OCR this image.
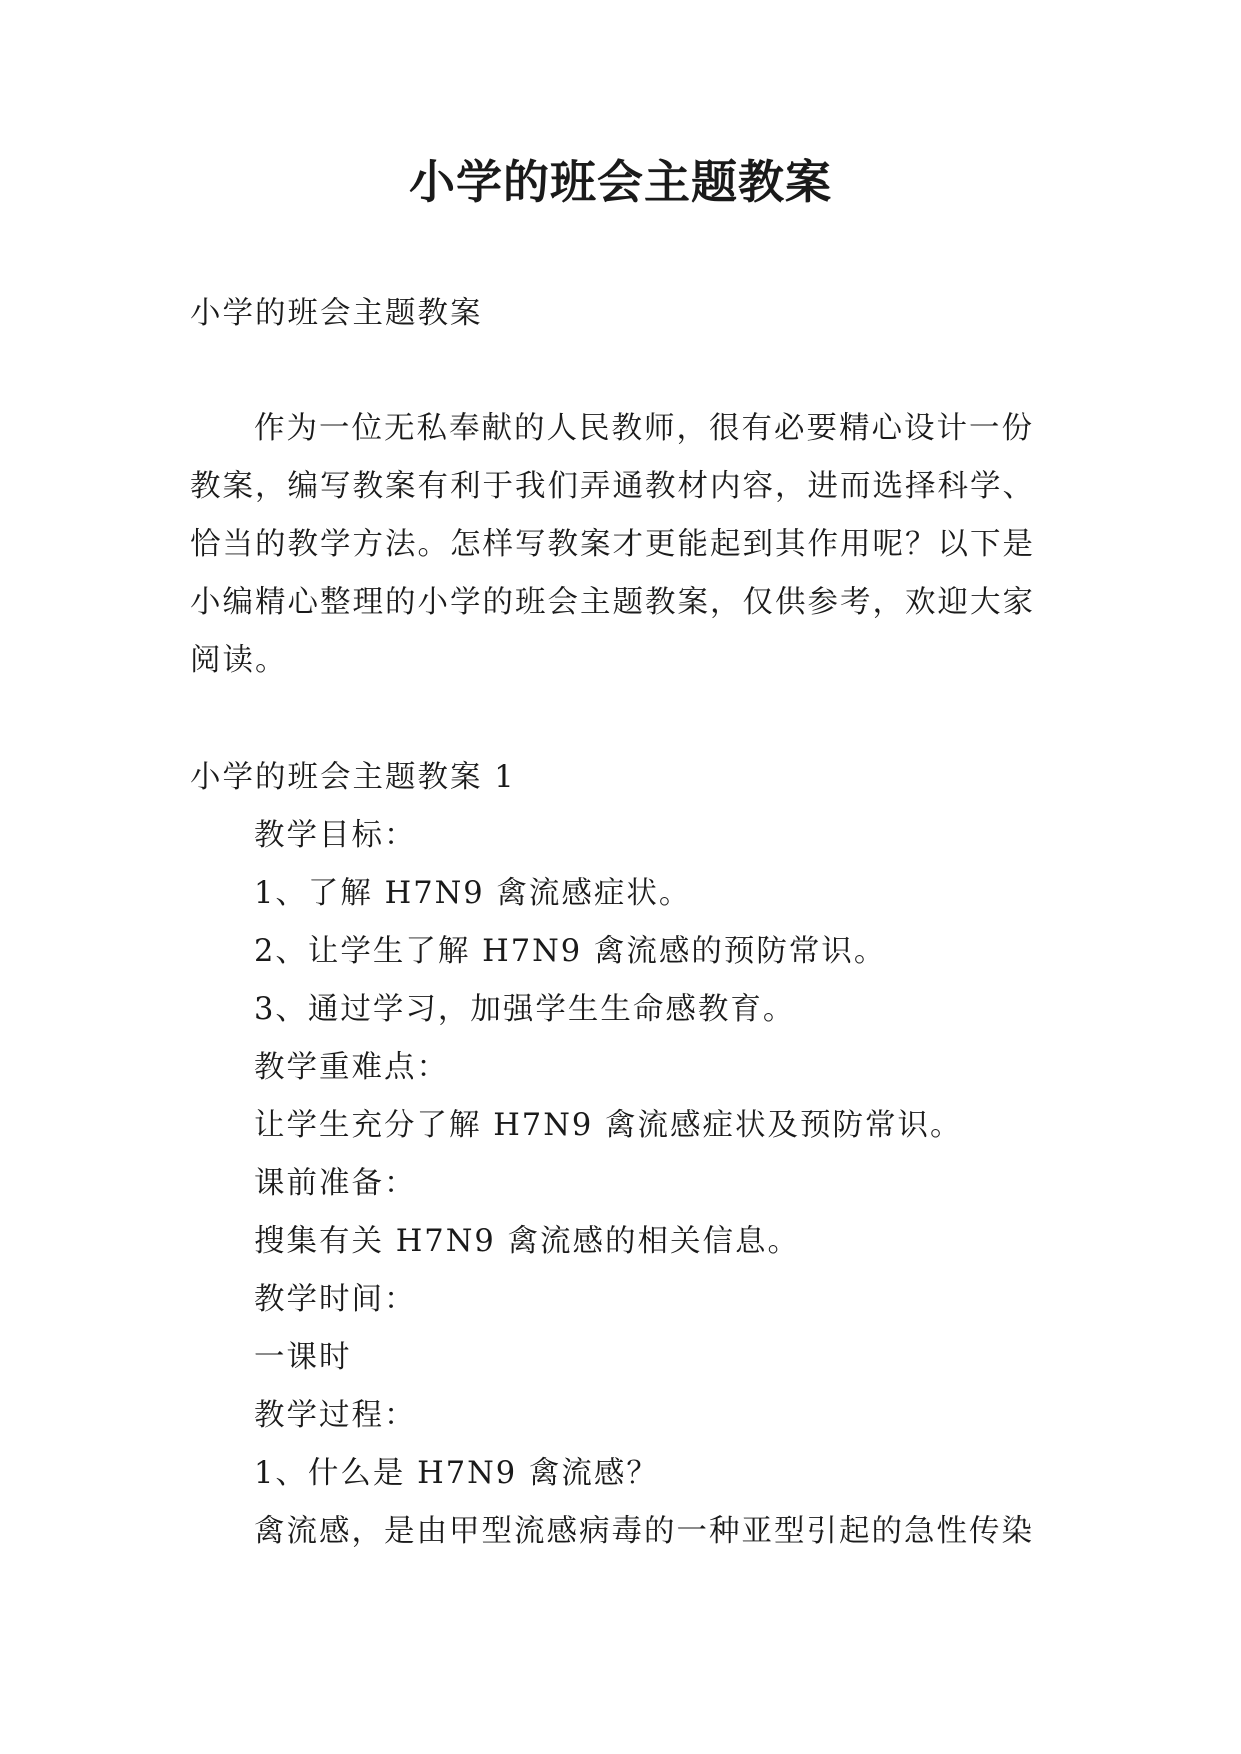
小学的班会主题教案
小学的班会主题教案
作为一位无私奉献的人民教师，很有必要精心设计一份
教案，编写教案有利于我们弄通教材内容，进而选择科学、
恰当的教学方法。怎样写教案才更能起到其作用呢？以下是
小编精心整理的小学的班会主题教案，仅供参考，欢迎大家
阅读。
小学的班会主题教案 1
教学目标：
1、了解 H7N9 禽流感症状。
2、让学生了解 H7N9 禽流感的预防常识。
3、通过学习，加强学生生命感教育。
教学重难点：
让学生充分了解 H7N9 禽流感症状及预防常识。
课前准备：
搜集有关 H7N9 禽流感的相关信息。
教学时间：
一课时
教学过程：
1、什么是 H7N9 禽流感？
禽流感，是由甲型流感病毒的一种亚型引起的急性传染
